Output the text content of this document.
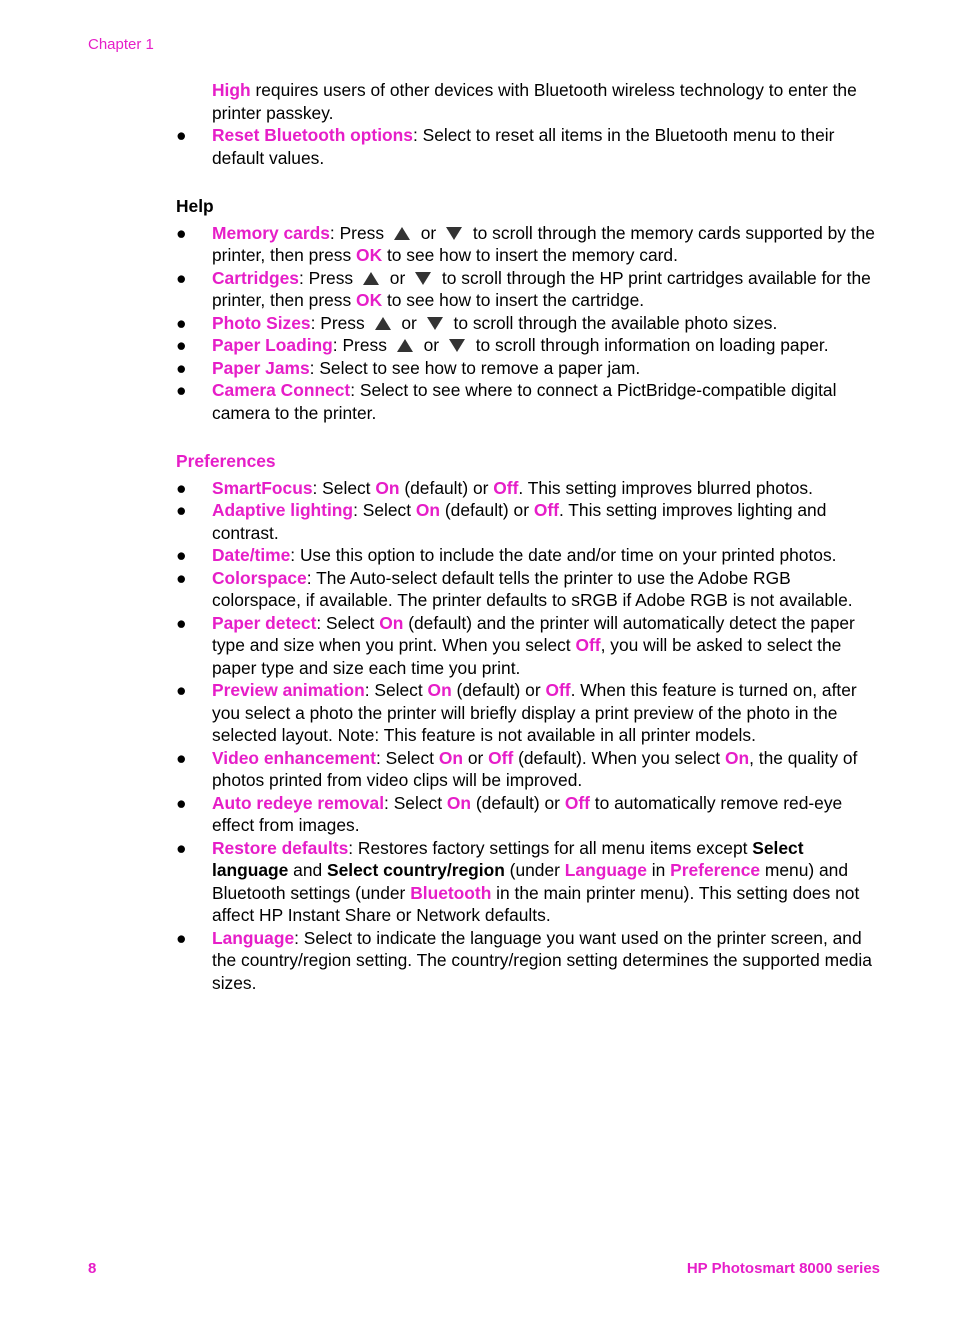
Chapter 1

High requires users of other devices with Bluetooth wireless technology to enter the printer passkey.

● Reset Bluetooth options: Select to reset all items in the Bluetooth menu to their default values.
Help
● Memory cards: Press  or  to scroll through the memory cards supported by the printer, then press OK to see how to insert the memory card.
● Cartridges: Press  or  to scroll through the HP print cartridges available for the printer, then press OK to see how to insert the cartridge.
● Photo Sizes: Press  or  to scroll through the available photo sizes.
● Paper Loading: Press  or  to scroll through information on loading paper.
● Paper Jams: Select to see how to remove a paper jam.
● Camera Connect: Select to see where to connect a PictBridge-compatible digital camera to the printer.
Preferences
● SmartFocus: Select On (default) or Off. This setting improves blurred photos.
● Adaptive lighting: Select On (default) or Off. This setting improves lighting and contrast.
● Date/time: Use this option to include the date and/or time on your printed photos.
● Colorspace: The Auto-select default tells the printer to use the Adobe RGB colorspace, if available. The printer defaults to sRGB if Adobe RGB is not available.
● Paper detect: Select On (default) and the printer will automatically detect the paper type and size when you print. When you select Off, you will be asked to select the paper type and size each time you print.
● Preview animation: Select On (default) or Off. When this feature is turned on, after you select a photo the printer will briefly display a print preview of the photo in the selected layout. Note: This feature is not available in all printer models.
● Video enhancement: Select On or Off (default). When you select On, the quality of photos printed from video clips will be improved.
● Auto redeye removal: Select On (default) or Off to automatically remove red-eye effect from images.
● Restore defaults: Restores factory settings for all menu items except Select language and Select country/region (under Language in Preference menu) and Bluetooth settings (under Bluetooth in the main printer menu). This setting does not affect HP Instant Share or Network defaults.
● Language: Select to indicate the language you want used on the printer screen, and the country/region setting. The country/region setting determines the supported media sizes.
8	HP Photosmart 8000 series
